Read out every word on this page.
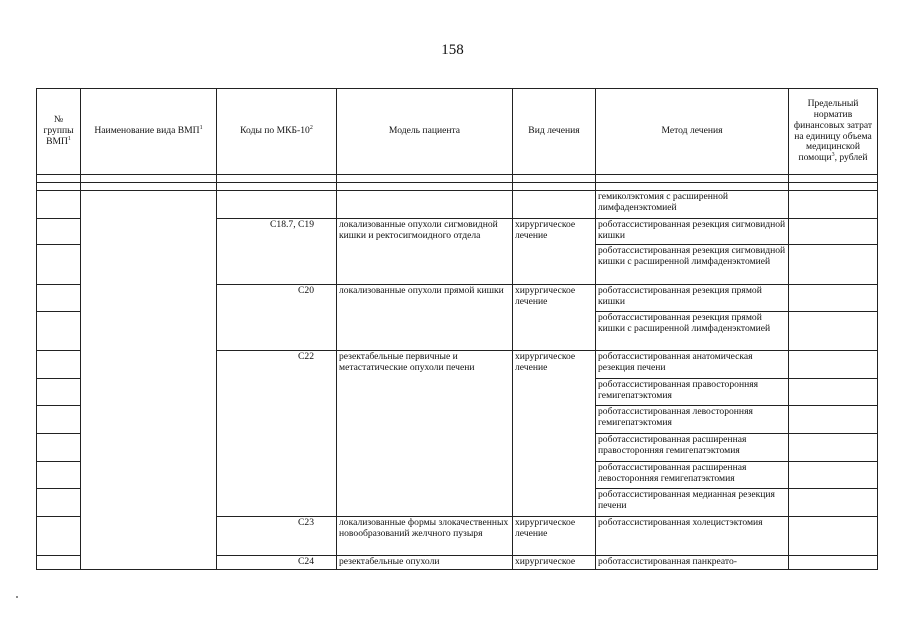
158
№ группы ВМП$^1$	Наименование вида ВМП$^1$	Коды по МКБ-$10^2$	Модель пациента	Вид лечения	Метод лечения	Предельный норматив финансовых затрат на единицу объема медицинской помощи$^3$, рублей

					гемиколэктомия с расширенной лимфаденэктомией	
		C18.7, C19	локализованные опухоли сигмовидной кишки и ректосигмоидного отдела	хирургическое лечение	роботассистированная резекция сигмовидной кишки	
					роботассистированная резекция сигмовидной кишки с расширенной лимфаденэктомией	
		C20	локализованные опухоли прямой кишки	хирургическое лечение	роботассистированная резекция прямой кишки	
					роботассистированная резекция прямой кишки с расширенной лимфаденэктомией	
		C22	резектабельные первичные и метастатические опухоли печени	хирургическое лечение	роботассистированная анатомическая резекция печени	
					роботассистированная правосторонняя гемигепатэктомия	
					роботассистированная левосторонняя гемигепатэктомия	
					роботассистированная расширенная правосторонняя гемигепатэктомия	
					роботассистированная расширенная левосторонняя гемигепатэктомия	
					роботассистированная медианная резекция печени	
		C23	локализованные формы злокачественных новообразований желчного пузыря	хирургическое лечение	роботассистированная холецистэктомия	
		C24	резектабельные опухоли	хирургическое	роботассистированная панкреато-	
